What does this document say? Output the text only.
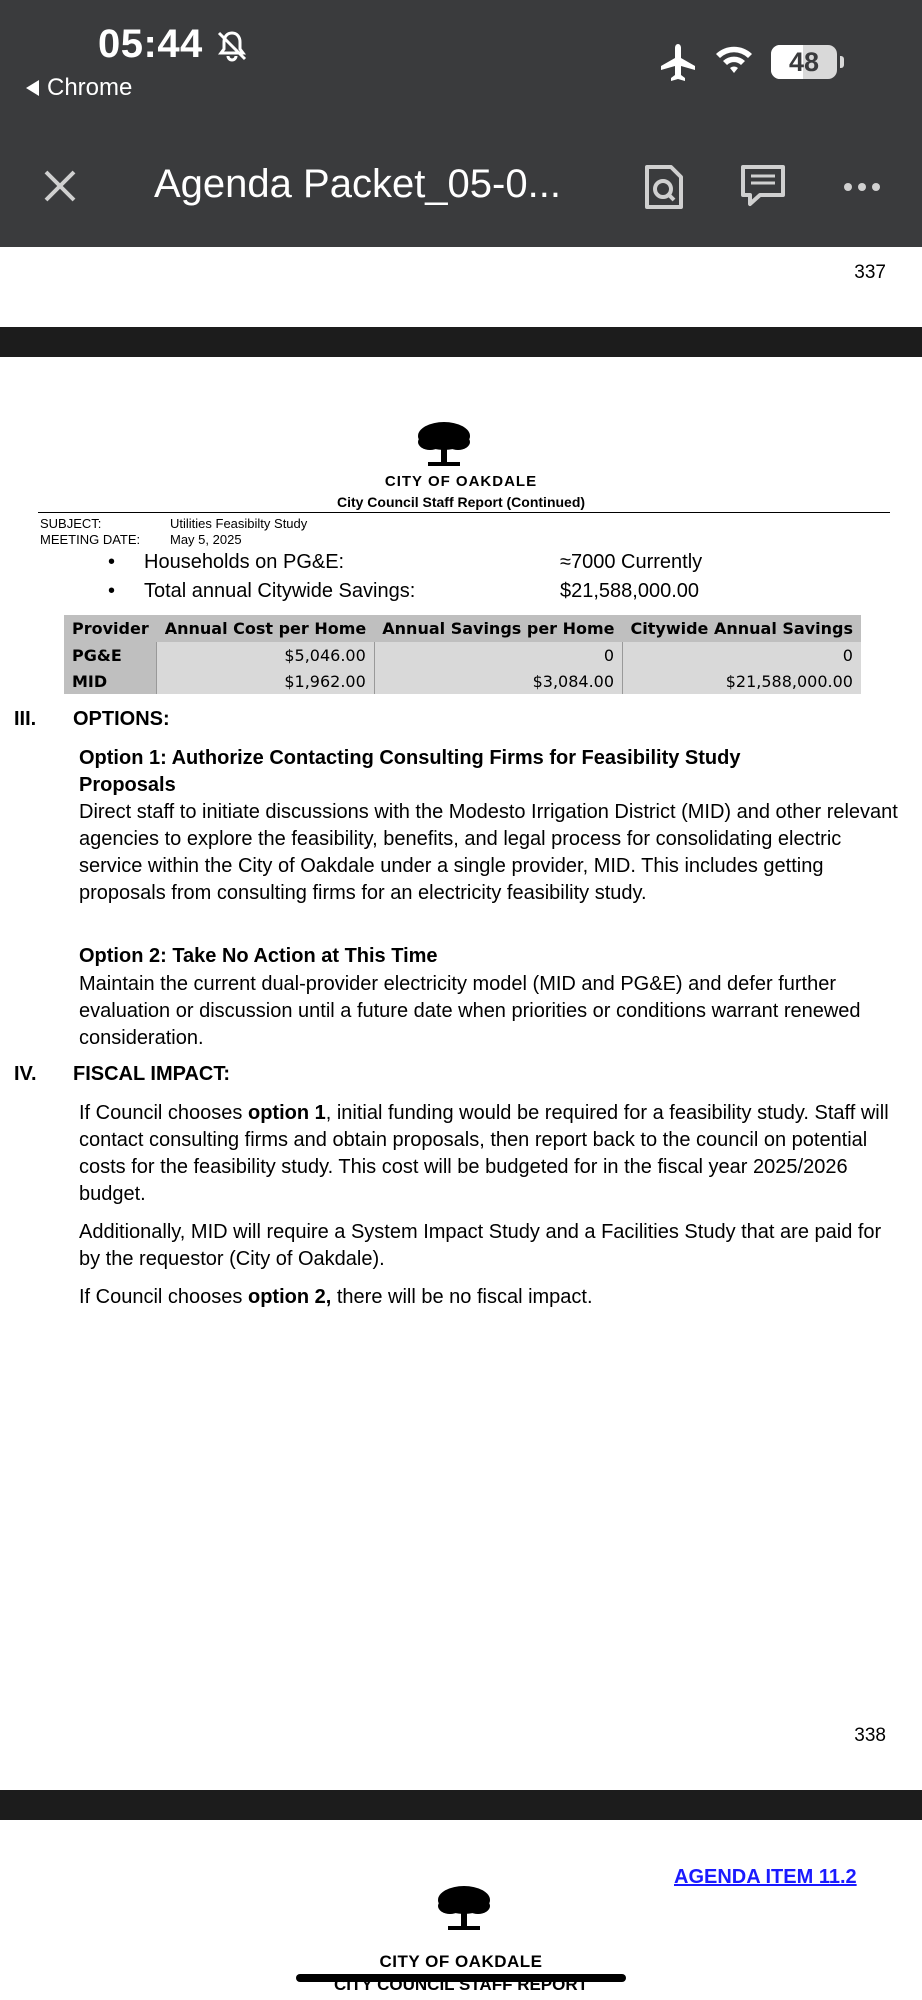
05:44
Chrome
48
Agenda Packet_05-0...
337
CITY OF OAKDALE
City Council Staff Report (Continued)
SUBJECT:	Utilities Feasibilty Study
MEETING DATE: May 5, 2025
•	Households on PG&E:	≈7000 Currently
•	Total annual Citywide Savings:	$21,588,000.00
Provider	Annual Cost per Home	Annual Savings per Home	Citywide Annual Savings
PG&E	$5,046.00	0	0
MID	$1,962.00	$3,084.00	$21,588,000.00
III.	OPTIONS:
Option 1: Authorize Contacting Consulting Firms for Feasibility Study
Proposals
Direct staff to initiate discussions with the Modesto Irrigation District (MID) and other relevant agencies to explore the feasibility, benefits, and legal process for consolidating electric service within the City of Oakdale under a single provider, MID. This includes getting proposals from consulting firms for an electricity feasibility study.
Option 2: Take No Action at This Time
Maintain the current dual-provider electricity model (MID and PG&E) and defer further evaluation or discussion until a future date when priorities or conditions warrant renewed consideration.
IV.	FISCAL IMPACT:
If Council chooses option 1, initial funding would be required for a feasibility study. Staff will contact consulting firms and obtain proposals, then report back to the council on potential costs for the feasibility study. This cost will be budgeted for in the fiscal year 2025/2026 budget.
Additionally, MID will require a System Impact Study and a Facilities Study that are paid for by the requestor (City of Oakdale).
If Council chooses option 2, there will be no fiscal impact.
338
AGENDA ITEM 11.2
CITY OF OAKDALE
CITY COUNCIL STAFF REPORT
